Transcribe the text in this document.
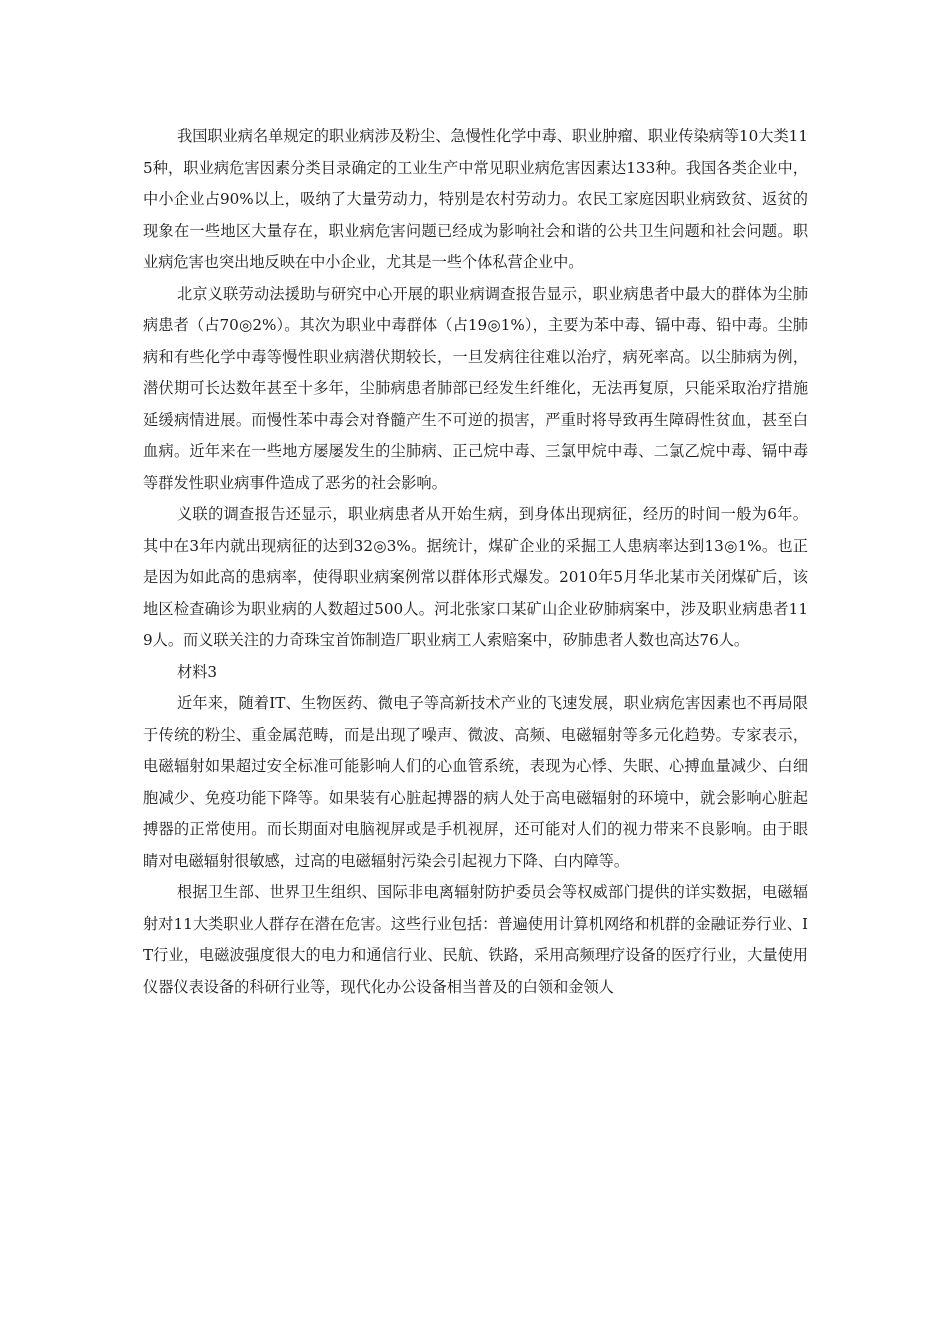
我国职业病名单规定的职业病涉及粉尘、急慢性化学中毒、职业肿瘤、职业传染病等10大类115种，职业病危害因素分类目录确定的工业生产中常见职业病危害因素达133种。我国各类企业中，中小企业占90%以上，吸纳了大量劳动力，特别是农村劳动力。农民工家庭因职业病致贫、返贫的现象在一些地区大量存在，职业病危害问题已经成为影响社会和谐的公共卫生问题和社会问题。职业病危害也突出地反映在中小企业，尤其是一些个体私营企业中。

北京义联劳动法援助与研究中心开展的职业病调查报告显示，职业病患者中最大的群体为尘肺病患者（占70◎2%）。其次为职业中毒群体（占19◎1%），主要为苯中毒、镉中毒、铅中毒。尘肺病和有些化学中毒等慢性职业病潜伏期较长，一旦发病往往难以治疗，病死率高。以尘肺病为例，潜伏期可长达数年甚至十多年，尘肺病患者肺部已经发生纤维化，无法再复原，只能采取治疗措施延缓病情进展。而慢性苯中毒会对脊髓产生不可逆的损害，严重时将导致再生障碍性贫血，甚至白血病。近年来在一些地方屡屡发生的尘肺病、正己烷中毒、三氯甲烷中毒、二氯乙烷中毒、镉中毒等群发性职业病事件造成了恶劣的社会影响。

义联的调查报告还显示，职业病患者从开始生病，到身体出现病征，经历的时间一般为6年。其中在3年内就出现病征的达到32◎3%。据统计，煤矿企业的采掘工人患病率达到13◎1%。也正是因为如此高的患病率，使得职业病案例常以群体形式爆发。2010年5月华北某市关闭煤矿后，该地区检查确诊为职业病的人数超过500人。河北张家口某矿山企业矽肺病案中，涉及职业病患者119人。而义联关注的力奇珠宝首饰制造厂职业病工人索赔案中，矽肺患者人数也高达76人。

材料3

近年来，随着IT、生物医药、微电子等高新技术产业的飞速发展，职业病危害因素也不再局限于传统的粉尘、重金属范畴，而是出现了噪声、微波、高频、电磁辐射等多元化趋势。专家表示，电磁辐射如果超过安全标准可能影响人们的心血管系统，表现为心悸、失眠、心搏血量减少、白细胞减少、免疫功能下降等。如果装有心脏起搏器的病人处于高电磁辐射的环境中，就会影响心脏起搏器的正常使用。而长期面对电脑视屏或是手机视屏，还可能对人们的视力带来不良影响。由于眼睛对电磁辐射很敏感，过高的电磁辐射污染会引起视力下降、白内障等。

根据卫生部、世界卫生组织、国际非电离辐射防护委员会等权威部门提供的详实数据，电磁辐射对11大类职业人群存在潜在危害。这些行业包括：普遍使用计算机网络和机群的金融证券行业、IT行业，电磁波强度很大的电力和通信行业、民航、铁路，采用高频理疗设备的医疗行业，大量使用仪器仪表设备的科研行业等，现代化办公设备相当普及的白领和金领人
